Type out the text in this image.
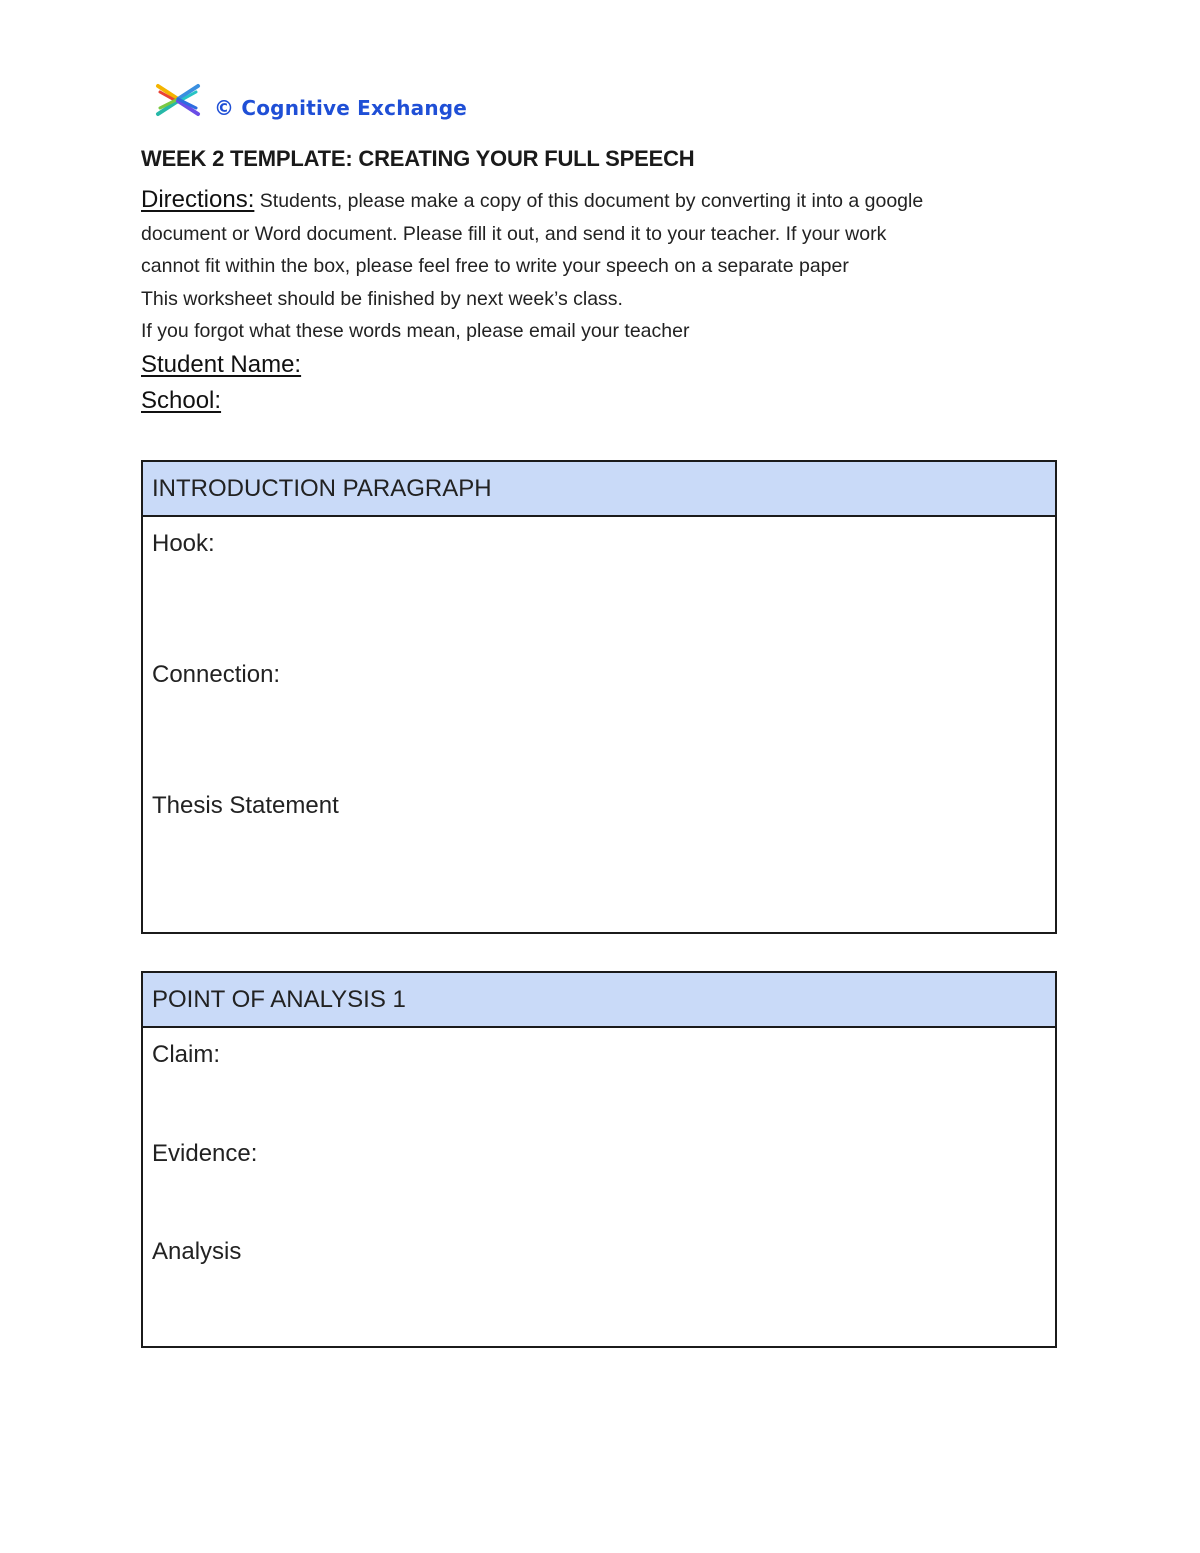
© Cognitive Exchange
WEEK 2 TEMPLATE: CREATING YOUR FULL SPEECH
Directions: Students, please make a copy of this document by converting it into a google
document or Word document. Please fill it out, and send it to your teacher. If your work
cannot fit within the box, please feel free to write your speech on a separate paper
This worksheet should be finished by next week’s class.
If you forgot what these words mean, please email your teacher
Student Name:
School:
INTRODUCTION PARAGRAPH
Hook:
Connection:
Thesis Statement
POINT OF ANALYSIS 1
Claim:
Evidence:
Analysis
